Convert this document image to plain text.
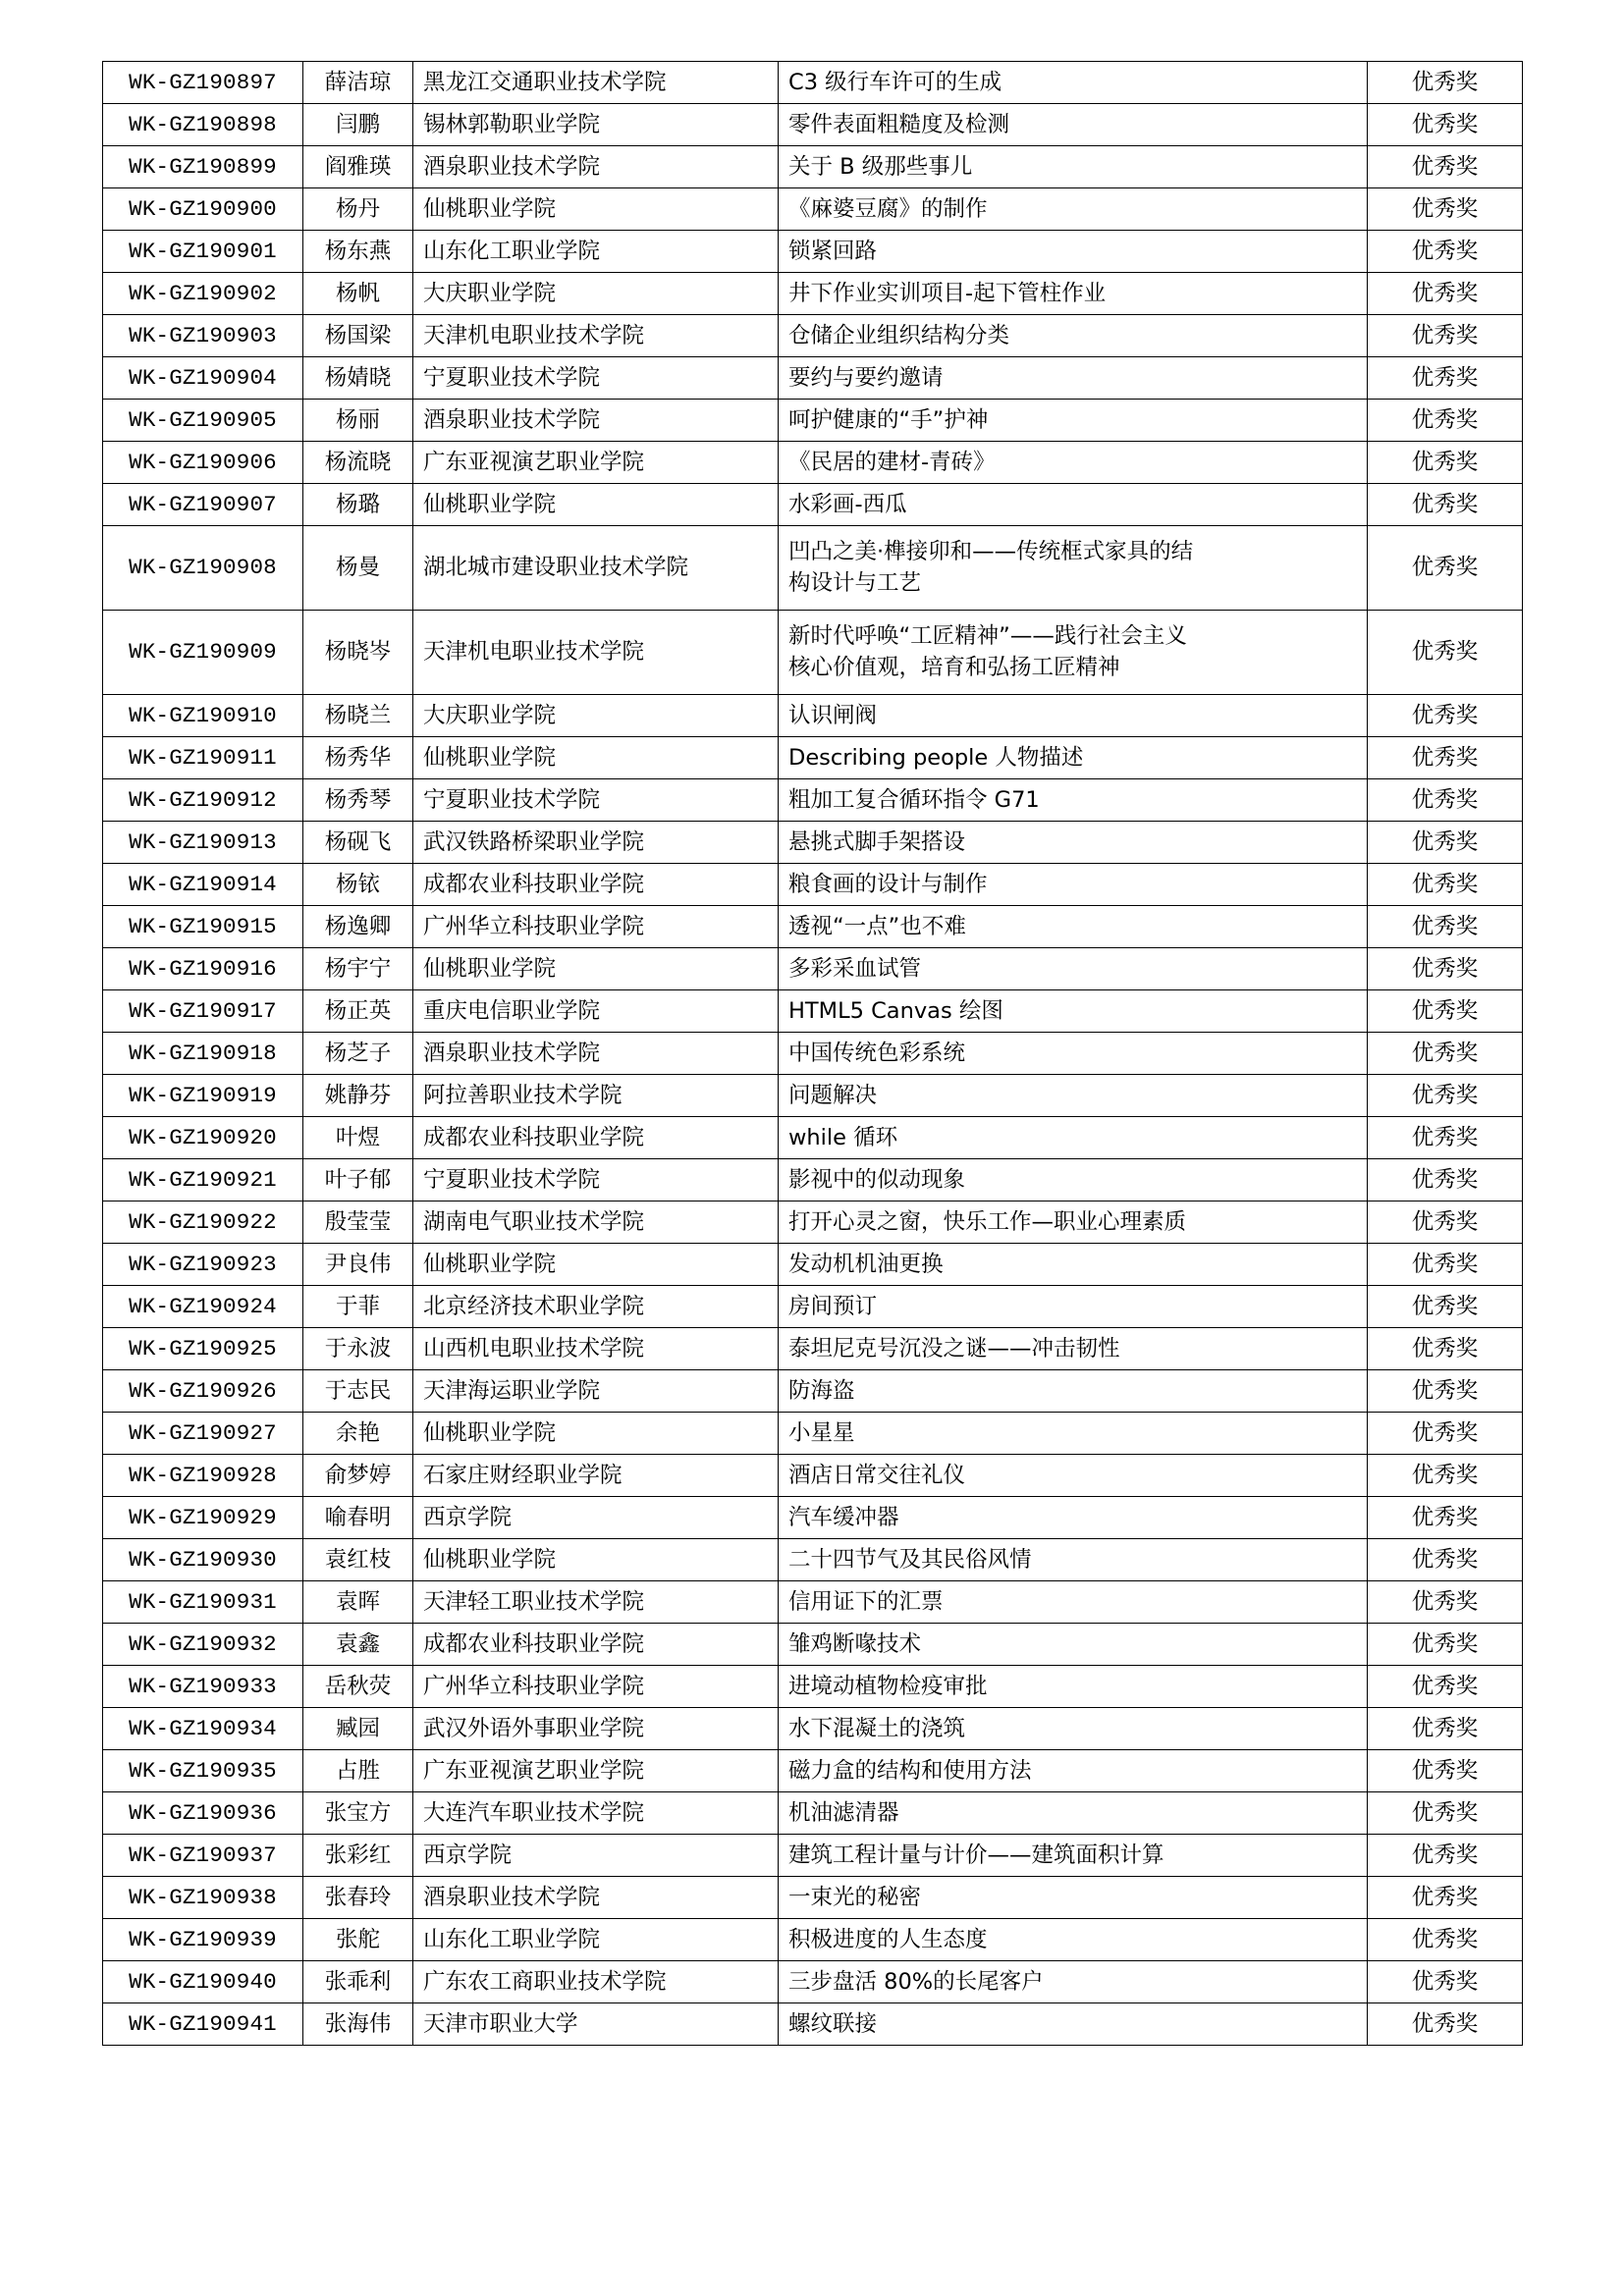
WK-GZ190897	薛洁琼	黑龙江交通职业技术学院	C3 级行车许可的生成	优秀奖
WK-GZ190898	闫鹏	锡林郭勒职业学院	零件表面粗糙度及检测	优秀奖
WK-GZ190899	阎雅瑛	酒泉职业技术学院	关于 B 级那些事儿	优秀奖
WK-GZ190900	杨丹	仙桃职业学院	《麻婆豆腐》的制作	优秀奖
WK-GZ190901	杨东燕	山东化工职业学院	锁紧回路	优秀奖
WK-GZ190902	杨帆	大庆职业学院	井下作业实训项目-起下管柱作业	优秀奖
WK-GZ190903	杨国梁	天津机电职业技术学院	仓储企业组织结构分类	优秀奖
WK-GZ190904	杨婧晓	宁夏职业技术学院	要约与要约邀请	优秀奖
WK-GZ190905	杨丽	酒泉职业技术学院	呵护健康的“手”护神	优秀奖
WK-GZ190906	杨流晓	广东亚视演艺职业学院	《民居的建材-青砖》	优秀奖
WK-GZ190907	杨璐	仙桃职业学院	水彩画-西瓜	优秀奖
WK-GZ190908	杨曼	湖北城市建设职业技术学院	凹凸之美·榫接卯和——传统框式家具的结
构设计与工艺	优秀奖
WK-GZ190909	杨晓岑	天津机电职业技术学院	新时代呼唤“工匠精神”——践行社会主义
核心价值观，培育和弘扬工匠精神	优秀奖
WK-GZ190910	杨晓兰	大庆职业学院	认识闸阀	优秀奖
WK-GZ190911	杨秀华	仙桃职业学院	Describing people 人物描述	优秀奖
WK-GZ190912	杨秀琴	宁夏职业技术学院	粗加工复合循环指令 G71	优秀奖
WK-GZ190913	杨砚飞	武汉铁路桥梁职业学院	悬挑式脚手架搭设	优秀奖
WK-GZ190914	杨铱	成都农业科技职业学院	粮食画的设计与制作	优秀奖
WK-GZ190915	杨逸卿	广州华立科技职业学院	透视“一点”也不难	优秀奖
WK-GZ190916	杨宇宁	仙桃职业学院	多彩采血试管	优秀奖
WK-GZ190917	杨正英	重庆电信职业学院	HTML5 Canvas 绘图	优秀奖
WK-GZ190918	杨芝子	酒泉职业技术学院	中国传统色彩系统	优秀奖
WK-GZ190919	姚静芬	阿拉善职业技术学院	问题解决	优秀奖
WK-GZ190920	叶煜	成都农业科技职业学院	while 循环	优秀奖
WK-GZ190921	叶子郁	宁夏职业技术学院	影视中的似动现象	优秀奖
WK-GZ190922	殷莹莹	湖南电气职业技术学院	打开心灵之窗，快乐工作—职业心理素质	优秀奖
WK-GZ190923	尹良伟	仙桃职业学院	发动机机油更换	优秀奖
WK-GZ190924	于菲	北京经济技术职业学院	房间预订	优秀奖
WK-GZ190925	于永波	山西机电职业技术学院	泰坦尼克号沉没之谜——冲击韧性	优秀奖
WK-GZ190926	于志民	天津海运职业学院	防海盗	优秀奖
WK-GZ190927	余艳	仙桃职业学院	小星星	优秀奖
WK-GZ190928	俞梦婷	石家庄财经职业学院	酒店日常交往礼仪	优秀奖
WK-GZ190929	喻春明	西京学院	汽车缓冲器	优秀奖
WK-GZ190930	袁红枝	仙桃职业学院	二十四节气及其民俗风情	优秀奖
WK-GZ190931	袁晖	天津轻工职业技术学院	信用证下的汇票	优秀奖
WK-GZ190932	袁鑫	成都农业科技职业学院	雏鸡断喙技术	优秀奖
WK-GZ190933	岳秋荧	广州华立科技职业学院	进境动植物检疫审批	优秀奖
WK-GZ190934	臧园	武汉外语外事职业学院	水下混凝土的浇筑	优秀奖
WK-GZ190935	占胜	广东亚视演艺职业学院	磁力盒的结构和使用方法	优秀奖
WK-GZ190936	张宝方	大连汽车职业技术学院	机油滤清器	优秀奖
WK-GZ190937	张彩红	西京学院	建筑工程计量与计价——建筑面积计算	优秀奖
WK-GZ190938	张春玲	酒泉职业技术学院	一束光的秘密	优秀奖
WK-GZ190939	张舵	山东化工职业学院	积极进度的人生态度	优秀奖
WK-GZ190940	张乖利	广东农工商职业技术学院	三步盘活 80%的长尾客户	优秀奖
WK-GZ190941	张海伟	天津市职业大学	螺纹联接	优秀奖
